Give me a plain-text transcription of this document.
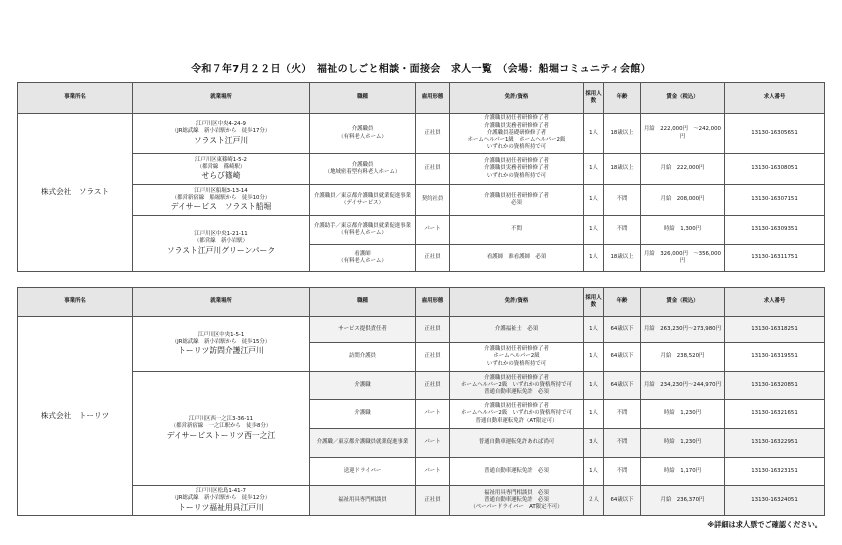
令和７年7月２２日（火）　福祉のしごと相談・面接会　求人一覧　（会場：船堀コミュニティ会館）
事業所名	就業場所	職種	雇用形態	免許/資格	採用人数	年齢	賃金（税込）	求人番号
株式会社　ソラスト	江戸川区中央4-24-9
（JR総武線　新小岩駅から　徒歩17分）
ソラスト江戸川	介護職員
（有料老人ホーム）	正社員	介護職員初任者研修修了者
介護職員実務者研修修了者
介護職員基礎研修修了者
ホームヘルパー1級　ホームヘルパー2級
いずれかの資格所持で可	1人	18歳以上	月給　 222,000円　～242,000円	13130-16305651

	江戸川区東篠崎1-5-2
（都営線　篠崎駅）
せらび篠崎	介護職員
（地域密着型有料老人ホーム）	正社員	介護職員初任者研修修了者
介護職員実務者研修修了者
いずれかの資格所持で可	1人	18歳以上	月給　 222,000円	13130-16308051

	江戸川区船堀3-13-14
（都営新宿線　船堀駅から　徒歩10分）
デイサービス　ソラスト船堀	介護職員／東京都介護職員就業促進事業
（デイサービス）	契約社員	介護職員初任者研修修了者
必須	1人	不問	月給　 208,000円	13130-16307151

	江戸川区中央1-21-11
（都営線　新小岩駅）
ソラスト江戸川グリーンパーク	介護助手／東京都介護職員就業促進事業
（有料老人ホーム）	パート	不問	1人	不問	時給　 1,300円	13130-16309351

		看護師
（有料老人ホーム）	正社員	看護師　准看護師　必須	1人	18歳以上	月給　 326,000円　～356,000円	13130-16311751
事業所名	就業場所	職種	雇用形態	免許/資格	採用人数	年齢	賃金（税込）	求人番号
株式会社　トーリツ	江戸川区中央1-5-1
（JR総武線　新小岩駅から　徒歩15分）
トーリツ訪問介護江戸川	サービス提供責任者	正社員	介護福祉士　必須	1人	64歳以下	月給　 263,230円～273,980円	13130-16318251
		訪問介護員	正社員	介護職員初任者研修修了者
ホームヘルパー2級
いずれかの資格所持で可	1人	64歳以下	月給　 238,520円	13130-16319551

	江戸川区西一之江3-36-11
（都営新宿線　一之江駅から　徒歩8分）
デイサービストーリツ西一之江	介護職	正社員	介護職員初任者研修修了者
ホームヘルパー2級　いずれかの資格所持で可
普通自動車運転免許　必須	1人	64歳以下	月給　 234,230円～244,970円	13130-16320851
		介護職	パート	介護職員初任者研修修了者
ホームヘルパー2級　いずれかの資格所持で可
普通自動車運転免許（AT限定可）	1人	不問	時給　 1,230円	13130-16321651
		介護職／東京都介護職員就業促進事業	パート	普通自動車運転免許あれば尚可	3人	不問	時給　 1,230円	13130-16322951
		送迎ドライバー	パート	普通自動車運転免許　必須	1人	不問	時給　 1,170円	13130-16323151

	江戸川区松島1-41-7
（JR総武線　新小岩駅から　徒歩12分）
トーリツ福祉用具江戸川	福祉用具専門相談員	正社員	福祉用具専門相談員　必須
普通自動車運転免許　必須
（ペーパードライバー　AT限定不可）	２人	64歳以下	月給　 236,370円	13130-16324051
※詳細は求人票でご確認ください。
